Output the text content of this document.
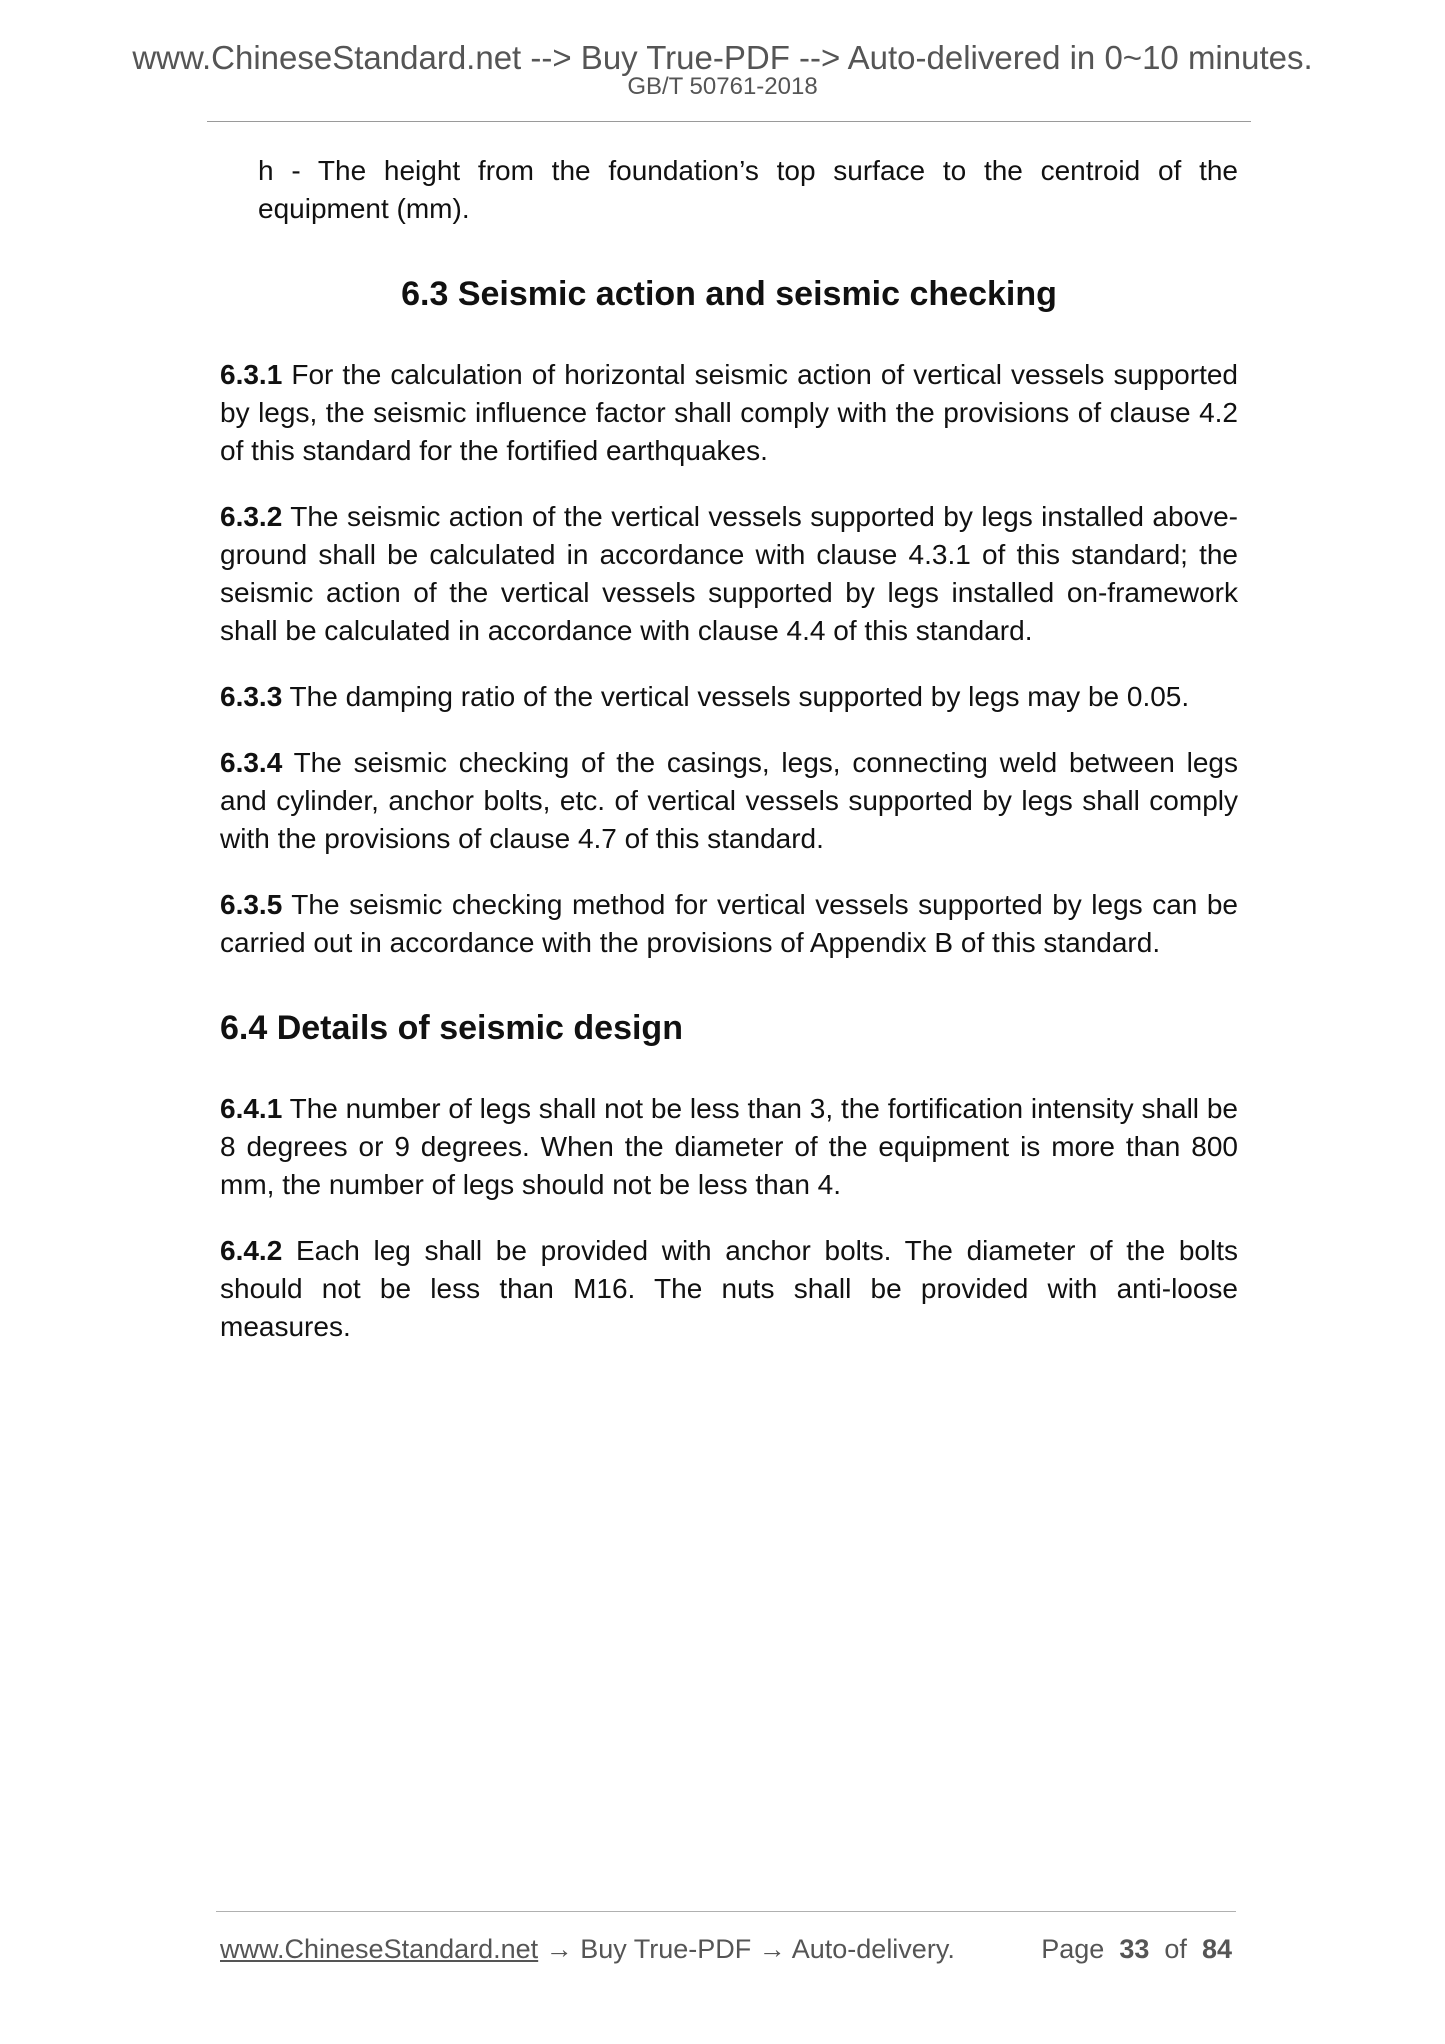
www.ChineseStandard.net --> Buy True-PDF --> Auto-delivered in 0~10 minutes.
GB/T 50761-2018

h - The height from the foundation’s top surface to the centroid of the equipment (mm).

6.3 Seismic action and seismic checking

6.3.1 For the calculation of horizontal seismic action of vertical vessels supported by legs, the seismic influence factor shall comply with the provisions of clause 4.2 of this standard for the fortified earthquakes.

6.3.2 The seismic action of the vertical vessels supported by legs installed above-ground shall be calculated in accordance with clause 4.3.1 of this standard; the seismic action of the vertical vessels supported by legs installed on-framework shall be calculated in accordance with clause 4.4 of this standard.

6.3.3 The damping ratio of the vertical vessels supported by legs may be 0.05.

6.3.4 The seismic checking of the casings, legs, connecting weld between legs and cylinder, anchor bolts, etc. of vertical vessels supported by legs shall comply with the provisions of clause 4.7 of this standard.

6.3.5 The seismic checking method for vertical vessels supported by legs can be carried out in accordance with the provisions of Appendix B of this standard.

6.4 Details of seismic design

6.4.1 The number of legs shall not be less than 3, the fortification intensity shall be 8 degrees or 9 degrees. When the diameter of the equipment is more than 800 mm, the number of legs should not be less than 4.

6.4.2 Each leg shall be provided with anchor bolts. The diameter of the bolts should not be less than M16. The nuts shall be provided with anti-loose measures.

www.ChineseStandard.net → Buy True-PDF → Auto-delivery.	Page 33 of 84
